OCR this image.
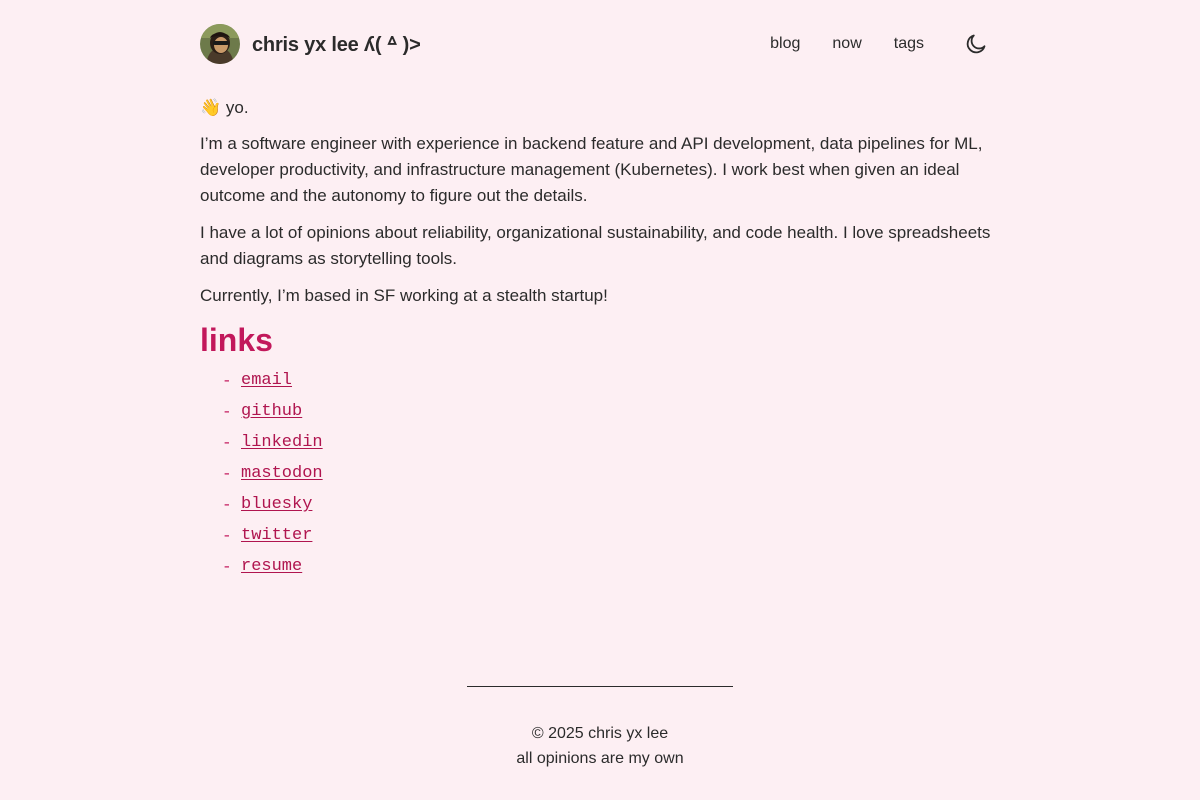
chris yx lee ʎ( ᐞ )>	blog now tags

👋 yo.

I’m a software engineer with experience in backend feature and API development, data pipelines for ML, developer productivity, and infrastructure management (Kubernetes). I work best when given an ideal outcome and the autonomy to figure out the details.

I have a lot of opinions about reliability, organizational sustainability, and code health. I love spreadsheets and diagrams as storytelling tools.

Currently, I’m based in SF working at a stealth startup!

links
- email
- github
- linkedin
- mastodon
- bluesky
- twitter
- resume

© 2025 chris yx lee

all opinions are my own
